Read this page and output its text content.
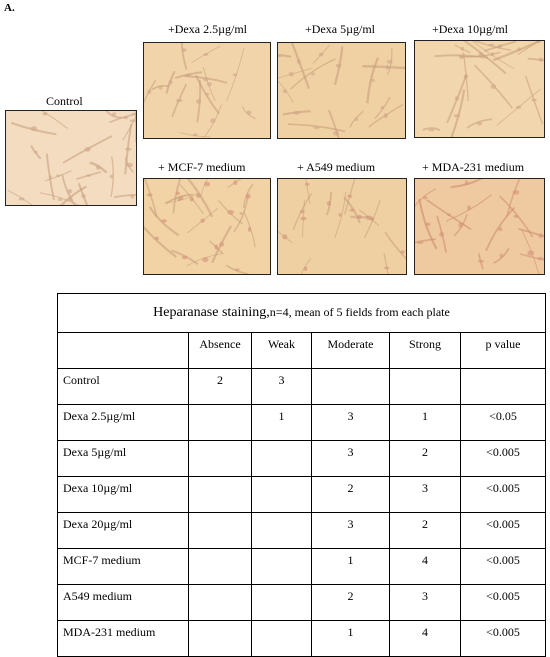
A.
Control
+Dexa 2.5µg/ml	+Dexa 5µg/ml	+Dexa 10µg/ml
+ MCF-7 medium	+ A549 medium	+ MDA-231 medium
Heparanase staining,n=4, mean of 5 fields from each plate					
	Absence	Weak	Moderate	Strong	p value
Control	2	3			
Dexa 2.5µg/ml		1	3	1	<0.05
Dexa 5µg/ml			3	2	<0.005
Dexa 10µg/ml			2	3	<0.005
Dexa 20µg/ml			3	2	<0.005
MCF-7 medium			1	4	<0.005
A549 medium			2	3	<0.005
MDA-231 medium			1	4	<0.005
